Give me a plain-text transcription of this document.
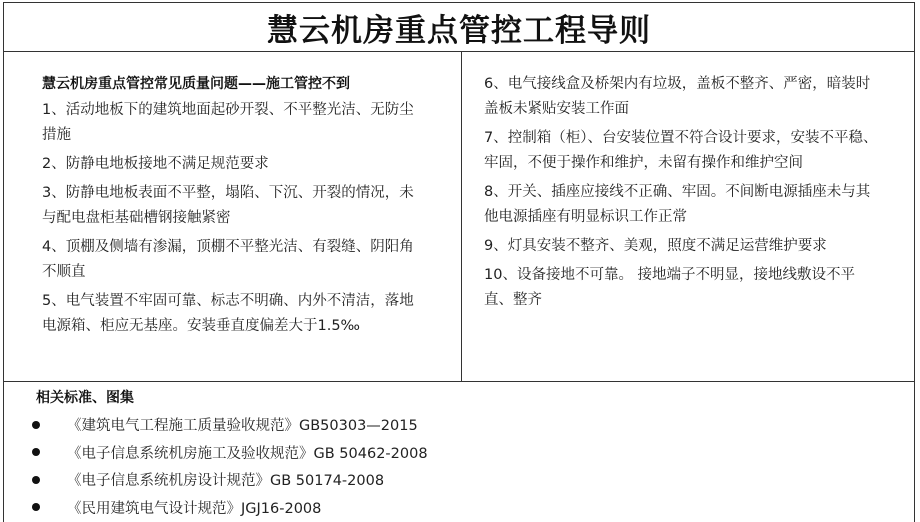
慧云机房重点管控工程导则
慧云机房重点管控常见质量问题——施工管控不到
1、活动地板下的建筑地面起砂开裂、不平整光洁、无防尘措施
2、防静电地板接地不满足规范要求
3、防静电地板表面不平整，塌陷、下沉、开裂的情况，未与配电盘柜基础槽钢接触紧密
4、顶棚及侧墙有渗漏，顶棚不平整光洁、有裂缝、阴阳角不顺直
5、电气装置不牢固可靠、标志不明确、内外不清洁，落地电源箱、柜应无基座。安装垂直度偏差大于1.5‰
6、电气接线盒及桥架内有垃圾，盖板不整齐、严密，暗装时盖板未紧贴安装工作面
7、控制箱（柜）、台安装位置不符合设计要求，安装不平稳、牢固，不便于操作和维护，未留有操作和维护空间
8、开关、插座应接线不正确、牢固。不间断电源插座未与其他电源插座有明显标识工作正常
9、灯具安装不整齐、美观，照度不满足运营维护要求
10、设备接地不可靠。 接地端子不明显，接地线敷设不平直、整齐
相关标准、图集
《建筑电气工程施工质量验收规范》GB50303—2015
《电子信息系统机房施工及验收规范》GB 50462-2008
《电子信息系统机房设计规范》GB 50174-2008
《民用建筑电气设计规范》JGJ16-2008
